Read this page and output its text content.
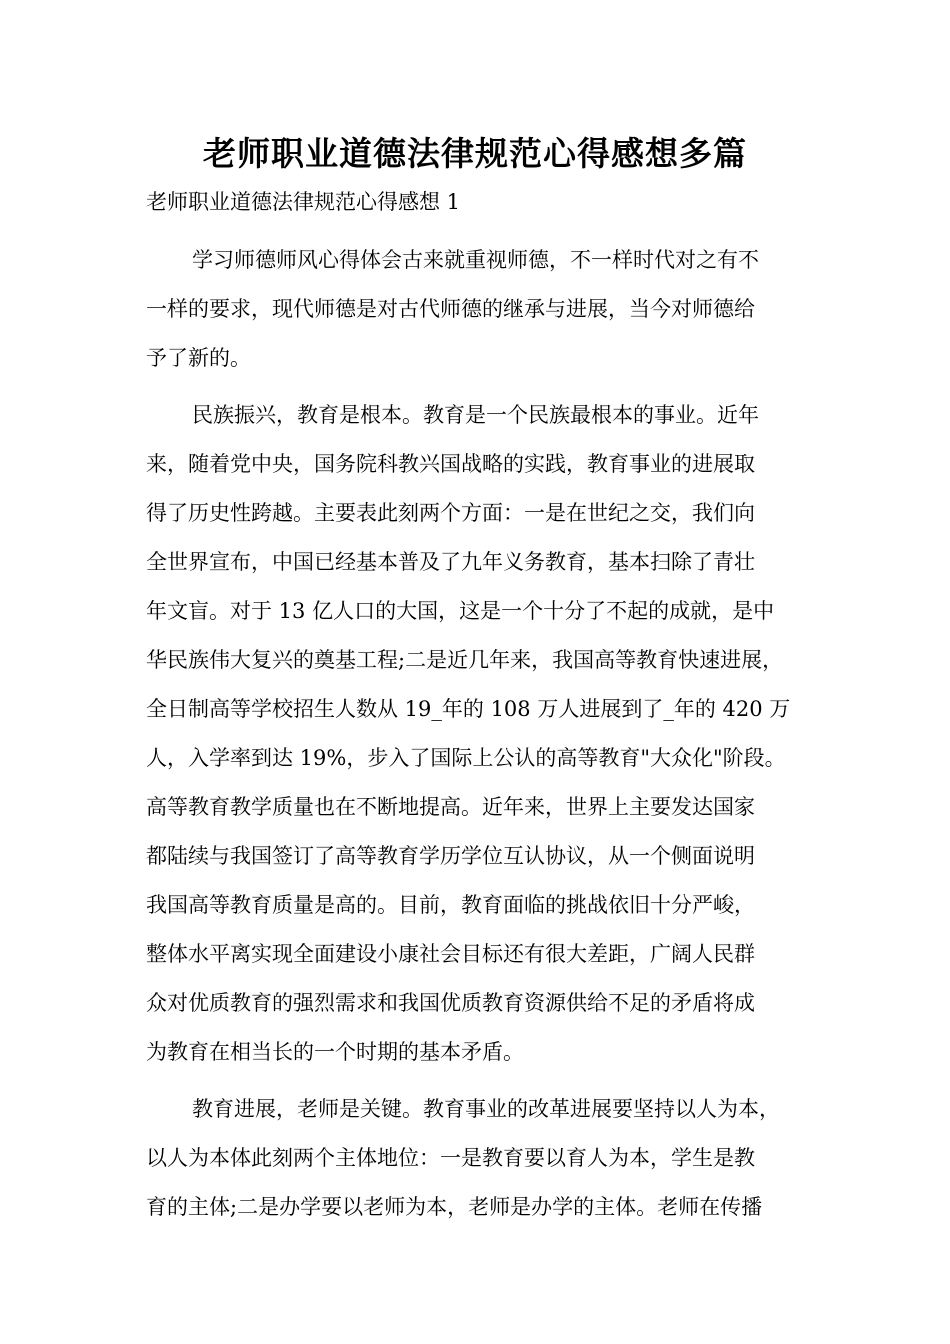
老师职业道德法律规范心得感想多篇
老师职业道德法律规范心得感想 1
学习师德师风心得体会古来就重视师德，不一样时代对之有不
一样的要求，现代师德是对古代师德的继承与进展，当今对师德给
予了新的。
民族振兴，教育是根本。教育是一个民族最根本的事业。近年
来，随着党中央，国务院科教兴国战略的实践，教育事业的进展取
得了历史性跨越。主要表此刻两个方面：一是在世纪之交，我们向
全世界宣布，中国已经基本普及了九年义务教育，基本扫除了青壮
年文盲。对于 13 亿人口的大国，这是一个十分了不起的成就，是中
华民族伟大复兴的奠基工程;二是近几年来，我国高等教育快速进展，
全日制高等学校招生人数从 19_年的 108 万人进展到了_年的 420 万
人，入学率到达 19%，步入了国际上公认的高等教育"大众化"阶段。
高等教育教学质量也在不断地提高。近年来，世界上主要发达国家
都陆续与我国签订了高等教育学历学位互认协议，从一个侧面说明
我国高等教育质量是高的。目前，教育面临的挑战依旧十分严峻，
整体水平离实现全面建设小康社会目标还有很大差距，广阔人民群
众对优质教育的强烈需求和我国优质教育资源供给不足的矛盾将成
为教育在相当长的一个时期的基本矛盾。
教育进展，老师是关键。教育事业的改革进展要坚持以人为本，
以人为本体此刻两个主体地位：一是教育要以育人为本，学生是教
育的主体;二是办学要以老师为本，老师是办学的主体。老师在传播
